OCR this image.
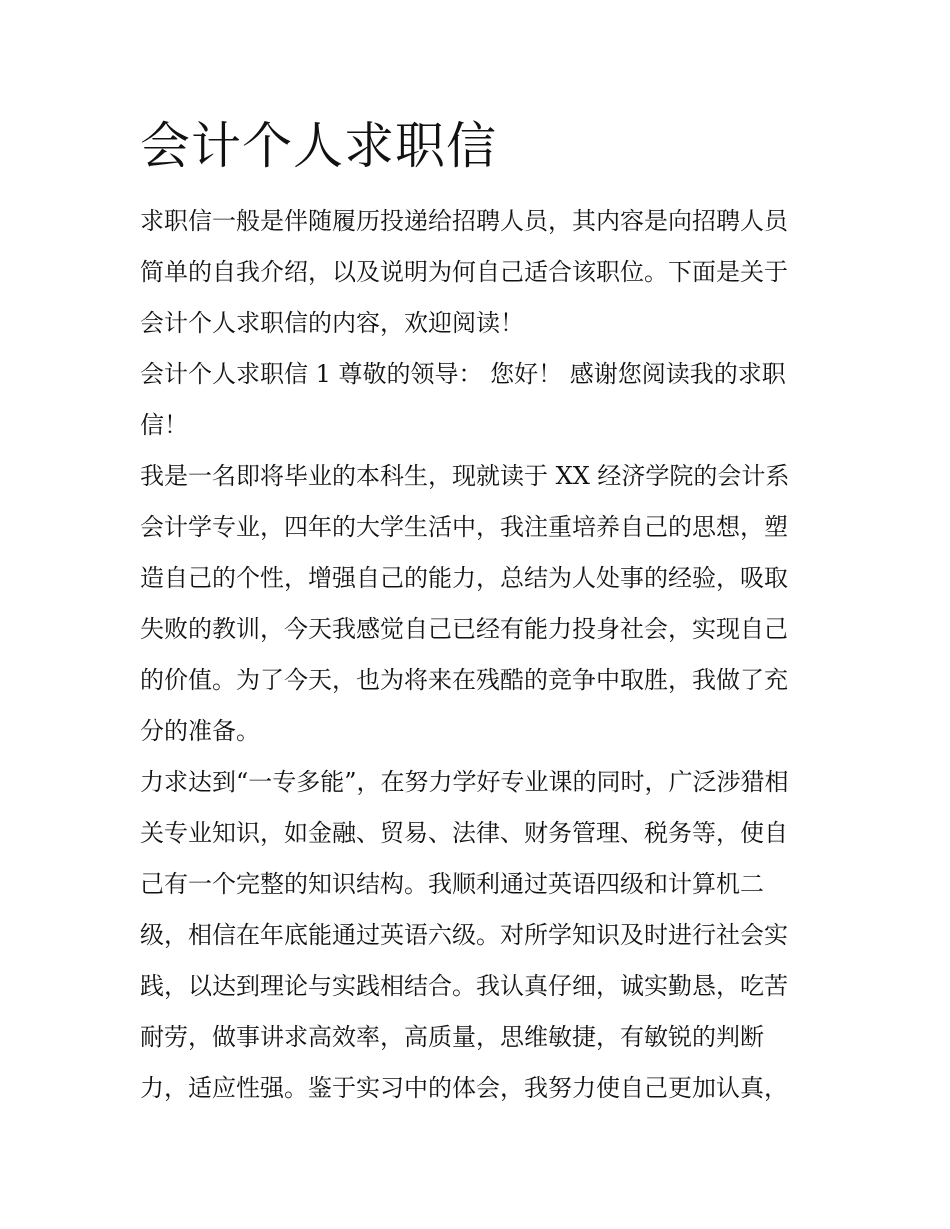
会计个人求职信
求职信一般是伴随履历投递给招聘人员，其内容是向招聘人员
简单的自我介绍，以及说明为何自己适合该职位。下面是关于
会计个人求职信的内容，欢迎阅读！
会计个人求职信 1 尊敬的领导： 您好！ 感谢您阅读我的求职
信！
我是一名即将毕业的本科生，现就读于 XX 经济学院的会计系
会计学专业，四年的大学生活中，我注重培养自己的思想，塑
造自己的个性，增强自己的能力，总结为人处事的经验，吸取
失败的教训，今天我感觉自己已经有能力投身社会，实现自己
的价值。为了今天，也为将来在残酷的竞争中取胜，我做了充
分的准备。
力求达到“一专多能”，在努力学好专业课的同时，广泛涉猎相
关专业知识，如金融、贸易、法律、财务管理、税务等，使自
己有一个完整的知识结构。我顺利通过英语四级和计算机二
级，相信在年底能通过英语六级。对所学知识及时进行社会实
践，以达到理论与实践相结合。我认真仔细，诚实勤恳，吃苦
耐劳，做事讲求高效率，高质量，思维敏捷，有敏锐的判断
力，适应性强。鉴于实习中的体会，我努力使自己更加认真，
